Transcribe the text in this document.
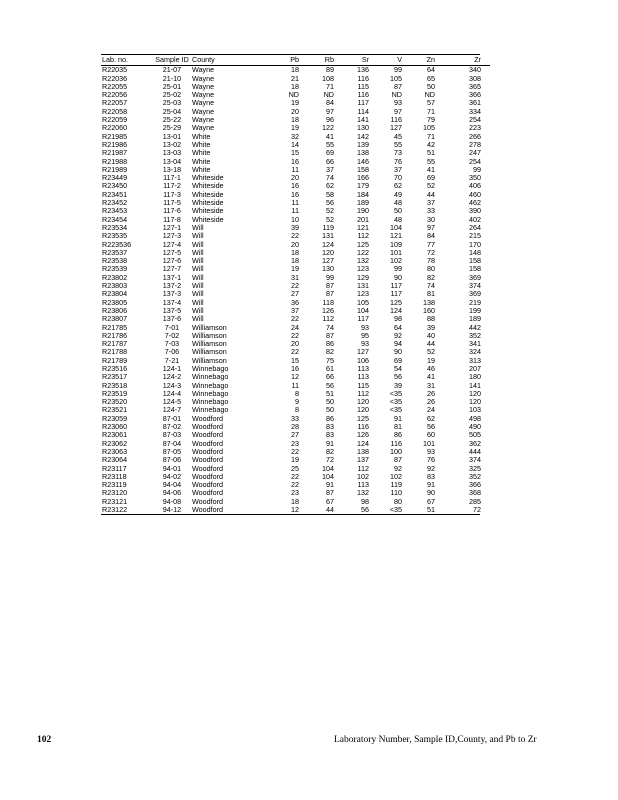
Lab. no.	Sample ID	County	Pb	Rb	Sr	V	Zn	Zr

R22035	21-07	Wayne	18	89	136	99	64	340
R22036	21-10	Wayne	21	108	116	105	65	308
R22055	25-01	Wayne	18	71	115	87	50	365
R22056	25-02	Wayne	ND	ND	116	ND	ND	366
R22057	25-03	Wayne	19	84	117	93	57	361
R22058	25-04	Wayne	20	97	114	97	71	334
R22059	25-22	Wayne	18	96	141	116	79	254
R22060	25-29	Wayne	19	122	130	127	105	223
R21985	13-01	White	32	41	142	45	71	266
R21986	13-02	White	14	55	139	55	42	278
R21987	13-03	White	15	69	138	73	51	247
R21988	13-04	White	16	66	146	76	55	254
R21989	13-18	White	11	37	158	37	41	99
R23449	117-1	Whiteside	20	74	166	70	69	350
R23450	117-2	Whiteside	16	62	179	62	52	406
R23451	117-3	Whiteside	16	58	184	49	44	460
R23452	117-5	Whiteside	11	56	189	48	37	462
R23453	117-6	Whiteside	11	52	190	50	33	390
R23454	117-8	Whiteside	10	52	201	48	30	402
R23534	127-1	Will	39	119	121	104	97	264
R23535	127-3	Will	22	131	112	121	84	215
R223536	127-4	Will	20	124	125	109	77	170
R23537	127-5	Will	18	120	122	101	72	148
R23538	127-6	Will	18	127	132	102	78	158
R23539	127-7	Will	19	130	123	99	80	158
R23802	137-1	Will	31	99	129	90	82	369
R23803	137-2	Will	22	87	131	117	74	374
R23804	137-3	Will	27	87	123	117	81	369
R23805	137-4	Will	36	118	105	125	138	219
R23806	137-5	Will	37	126	104	124	160	199
R23807	137-6	Will	22	112	117	98	88	189
R21785	7-01	Williamson	24	74	93	64	39	442
R21786	7-02	Williamson	22	87	95	92	40	352
R21787	7-03	Williamson	20	86	93	94	44	341
R21788	7-06	Williamson	22	82	127	90	52	324
R21789	7-21	Williamson	15	75	106	69	19	313
R23516	124-1	Winnebago	16	61	113	54	46	207
R23517	124-2	Winnebago	12	66	113	56	41	180
R23518	124-3	Winnebago	11	56	115	39	31	141
R23519	124-4	Winnebago	8	51	112	<35	26	120
R23520	124-5	Winnebago	9	50	120	<35	26	120
R23521	124-7	Winnebago	8	50	120	<35	24	103
R23059	87-01	Woodford	33	86	125	91	62	498
R23060	87-02	Woodford	28	83	116	81	56	490
R23061	87-03	Woodford	27	83	126	86	60	505
R23062	87-04	Woodford	23	91	124	116	101	362
R23063	87-05	Woodford	22	82	138	100	93	444
R23064	87-06	Woodford	19	72	137	87	76	374
R23117	94-01	Woodford	25	104	112	92	92	325
R23118	94-02	Woodford	22	104	102	102	83	352
R23119	94-04	Woodford	22	91	113	119	91	366
R23120	94-06	Woodford	23	87	132	110	90	368
R23121	94-08	Woodford	18	67	98	80	67	285
R23122	94-12	Woodford	12	44	56	<35	51	72
102	Laboratory Number, Sample ID,County, and Pb to Zr
